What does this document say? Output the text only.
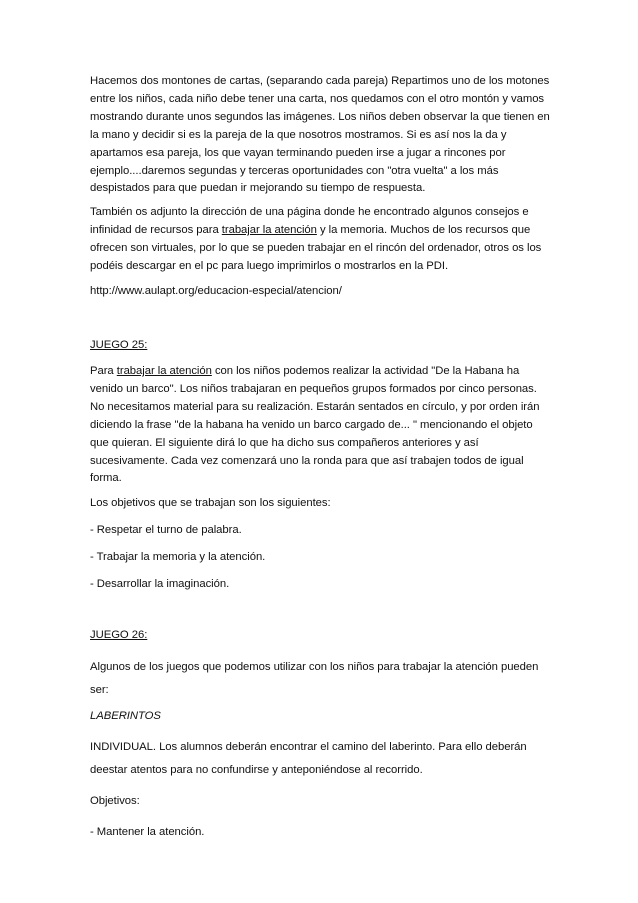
Hacemos dos montones de cartas, (separando cada pareja) Repartimos uno de los motones entre los niños, cada niño debe tener una carta, nos quedamos con el otro montón y vamos mostrando durante unos segundos las imágenes. Los niños deben observar la que tienen en la mano y decidir si es la pareja de la que nosotros mostramos. Si es así nos la da y apartamos esa pareja, los que vayan terminando pueden irse a jugar a rincones por ejemplo....daremos segundas y terceras oportunidades con "otra vuelta" a los más despistados para que puedan ir mejorando su tiempo de respuesta.

También os adjunto la dirección de una página donde he encontrado algunos consejos e infinidad de recursos para trabajar la atención y la memoria. Muchos de los recursos que ofrecen son virtuales, por lo que se pueden trabajar en el rincón del ordenador, otros os los podéis descargar en el pc para luego imprimirlos o mostrarlos en la PDI.

http://www.aulapt.org/educacion-especial/atencion/

JUEGO 25:

Para trabajar la atención con los niños podemos realizar la actividad "De la Habana ha venido un barco". Los niños trabajaran en pequeños grupos formados por cinco personas. No necesitamos material para su realización. Estarán sentados en círculo, y por orden irán diciendo la frase "de la habana ha venido un barco cargado de... " mencionando el objeto que quieran. El siguiente dirá lo que ha dicho sus compañeros anteriores y así sucesivamente. Cada vez comenzará uno la ronda para que así trabajen todos de igual forma.

Los objetivos que se trabajan son los siguientes:

- Respetar el turno de palabra.

- Trabajar la memoria y la atención.

- Desarrollar la imaginación.

JUEGO 26:

Algunos de los juegos que podemos utilizar con los niños para trabajar la atención pueden ser:

LABERINTOS

INDIVIDUAL. Los alumnos deberán encontrar el camino del laberinto. Para ello deberán deestar atentos para no confundirse y anteponiéndose al recorrido.

Objetivos:

- Mantener la atención.
